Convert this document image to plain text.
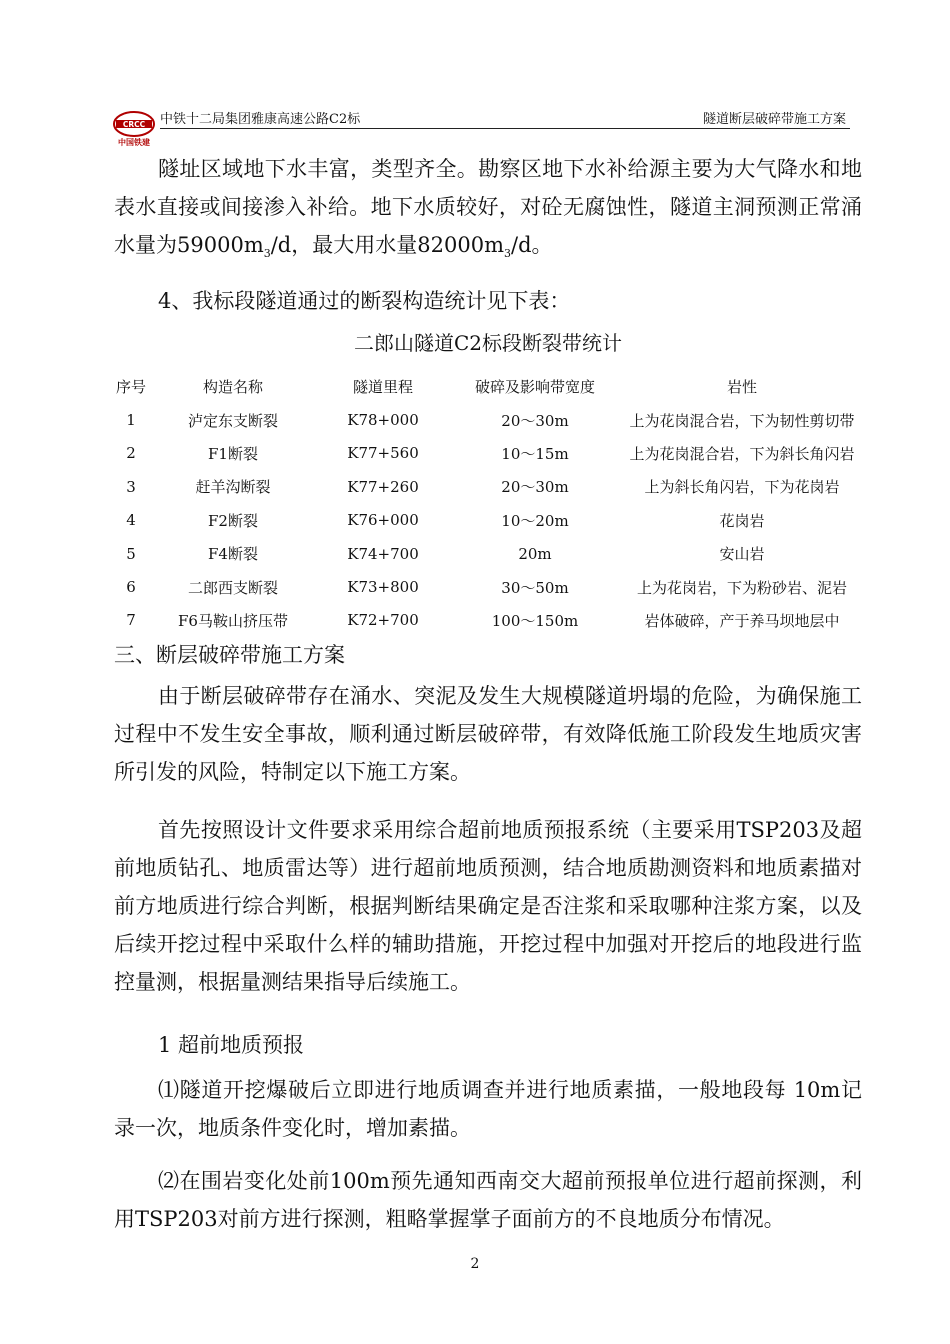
CRCC
中国铁建
中铁十二局集团雅康高速公路C2标	隧道断层破碎带施工方案

隧址区域地下水丰富，类型齐全。勘察区地下水补给源主要为大气降水和地表水直接或间接渗入补给。地下水质较好，对砼无腐蚀性，隧道主洞预测正常涌水量为$59000m_3/d$，最大用水量$82000m_3/d$。

4、我标段隧道通过的断裂构造统计见下表：

二郎山隧道C2标段断裂带统计
序号	构造名称	隧道里程	破碎及影响带宽度	岩性
1	泸定东支断裂	K78+000	20～30m	上为花岗混合岩，下为韧性剪切带
2	F1断裂	K77+560	10～15m	上为花岗混合岩，下为斜长角闪岩
3	赶羊沟断裂	K77+260	20～30m	上为斜长角闪岩，下为花岗岩
4	F2断裂	K76+000	10～20m	花岗岩
5	F4断裂	K74+700	20m	安山岩
6	二郎西支断裂	K73+800	30～50m	上为花岗岩，下为粉砂岩、泥岩
7	F6马鞍山挤压带	K72+700	100～150m	岩体破碎，产于养马坝地层中

三、断层破碎带施工方案

由于断层破碎带存在涌水、突泥及发生大规模隧道坍塌的危险，为确保施工过程中不发生安全事故，顺利通过断层破碎带，有效降低施工阶段发生地质灾害所引发的风险，特制定以下施工方案。

首先按照设计文件要求采用综合超前地质预报系统（主要采用TSP203及超前地质钻孔、地质雷达等）进行超前地质预测，结合地质勘测资料和地质素描对前方地质进行综合判断，根据判断结果确定是否注浆和采取哪种注浆方案，以及后续开挖过程中采取什么样的辅助措施，开挖过程中加强对开挖后的地段进行监控量测，根据量测结果指导后续施工。

1 超前地质预报

⑴隧道开挖爆破后立即进行地质调查并进行地质素描，一般地段每 10m记录一次，地质条件变化时，增加素描。

⑵在围岩变化处前100m预先通知西南交大超前预报单位进行超前探测，利用TSP203对前方进行探测，粗略掌握掌子面前方的不良地质分布情况。

2
